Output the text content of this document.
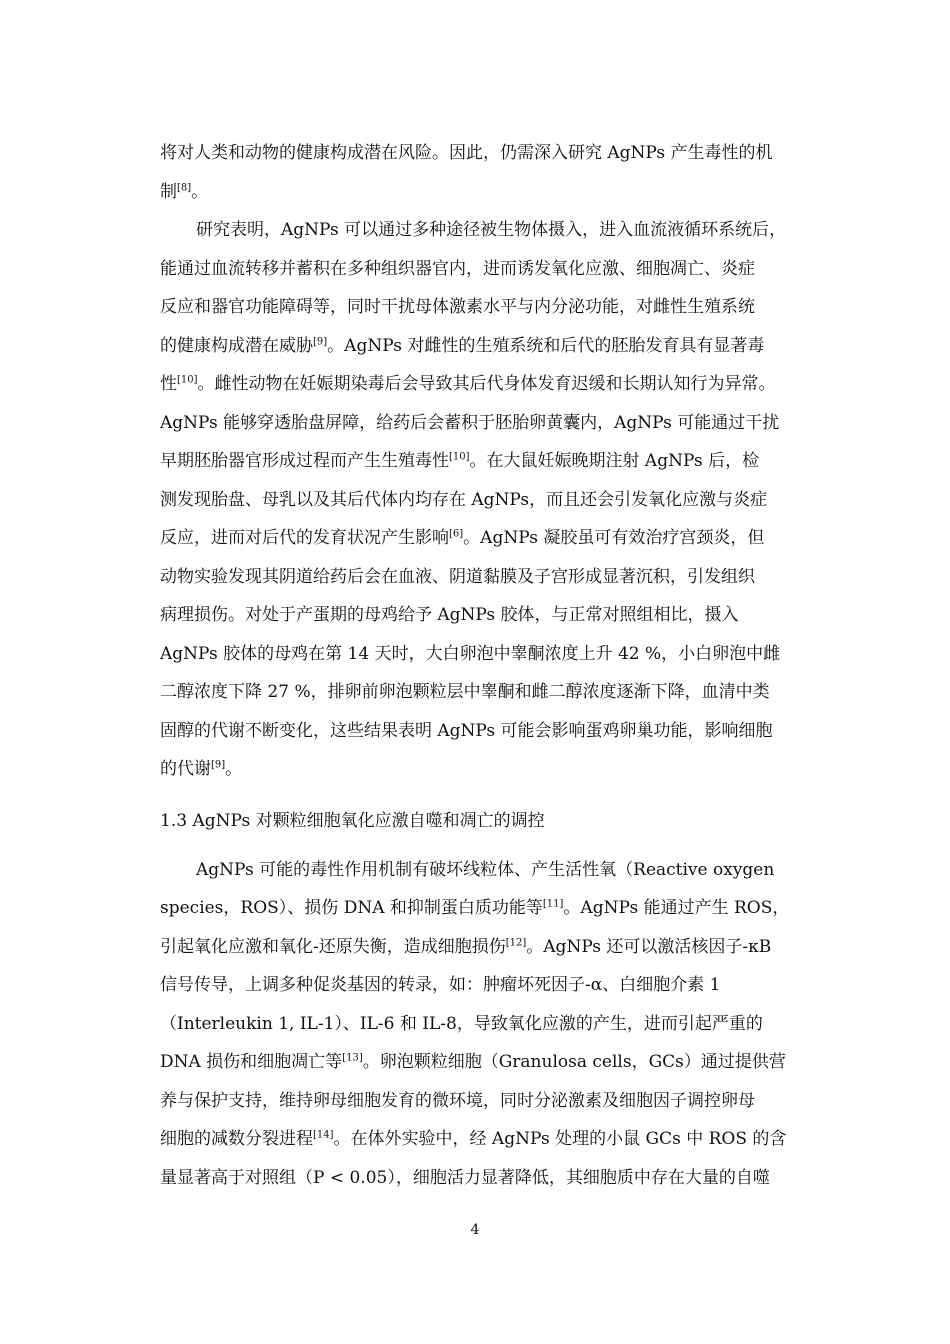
将对人类和动物的健康构成潜在风险。因此，仍需深入研究 AgNPs 产生毒性的机
制[8]。
研究表明，AgNPs 可以通过多种途径被生物体摄入，进入血流液循环系统后，
能通过血流转移并蓄积在多种组织器官内，进而诱发氧化应激、细胞凋亡、炎症
反应和器官功能障碍等，同时干扰母体激素水平与内分泌功能，对雌性生殖系统
的健康构成潜在威胁[9]。AgNPs 对雌性的生殖系统和后代的胚胎发育具有显著毒
性[10]。雌性动物在妊娠期染毒后会导致其后代身体发育迟缓和长期认知行为异常。
AgNPs 能够穿透胎盘屏障，给药后会蓄积于胚胎卵黄囊内，AgNPs 可能通过干扰
早期胚胎器官形成过程而产生生殖毒性[10]。在大鼠妊娠晚期注射 AgNPs 后，检
测发现胎盘、母乳以及其后代体内均存在 AgNPs，而且还会引发氧化应激与炎症
反应，进而对后代的发育状况产生影响[6]。AgNPs 凝胶虽可有效治疗宫颈炎，但
动物实验发现其阴道给药后会在血液、阴道黏膜及子宫形成显著沉积，引发组织
病理损伤。对处于产蛋期的母鸡给予 AgNPs 胶体，与正常对照组相比，摄入
AgNPs 胶体的母鸡在第 14 天时，大白卵泡中睾酮浓度上升 42 %，小白卵泡中雌
二醇浓度下降 27 %，排卵前卵泡颗粒层中睾酮和雌二醇浓度逐渐下降，血清中类
固醇的代谢不断变化，这些结果表明 AgNPs 可能会影响蛋鸡卵巢功能，影响细胞
的代谢[9]。
1.3 AgNPs 对颗粒细胞氧化应激自噬和凋亡的调控
AgNPs 可能的毒性作用机制有破坏线粒体、产生活性氧（Reactive oxygen
species，ROS）、损伤 DNA 和抑制蛋白质功能等[11]。AgNPs 能通过产生 ROS，
引起氧化应激和氧化-还原失衡，造成细胞损伤[12]。AgNPs 还可以激活核因子-κB
信号传导，上调多种促炎基因的转录，如：肿瘤坏死因子-α、白细胞介素 1
（Interleukin 1, IL-1）、IL-6 和 IL-8，导致氧化应激的产生，进而引起严重的
DNA 损伤和细胞凋亡等[13]。卵泡颗粒细胞（Granulosa cells，GCs）通过提供营
养与保护支持，维持卵母细胞发育的微环境，同时分泌激素及细胞因子调控卵母
细胞的减数分裂进程[14]。在体外实验中，经 AgNPs 处理的小鼠 GCs 中 ROS 的含
量显著高于对照组（P < 0.05），细胞活力显著降低，其细胞质中存在大量的自噬
4
